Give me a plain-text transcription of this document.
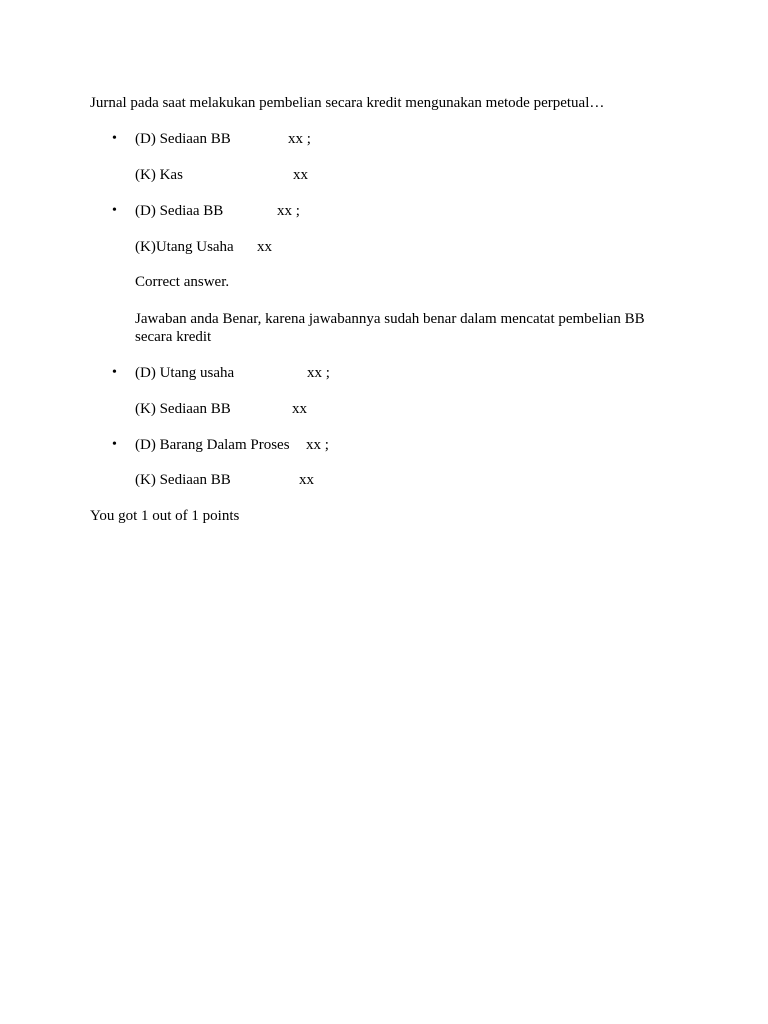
Jurnal pada saat melakukan pembelian secara kredit mengunakan metode perpetual…
• (D) Sediaan BB	xx ;
(K) Kas	xx
• (D) Sediaa BB	xx ;
(K)Utang Usaha xx
Correct answer.
Jawaban anda Benar, karena jawabannya sudah benar dalam mencatat pembelian BB secara kredit
• (D) Utang usaha	xx ;
(K) Sediaan BB	xx
• (D) Barang Dalam Proses xx ;
(K) Sediaan BB	xx
You got 1 out of 1 points
